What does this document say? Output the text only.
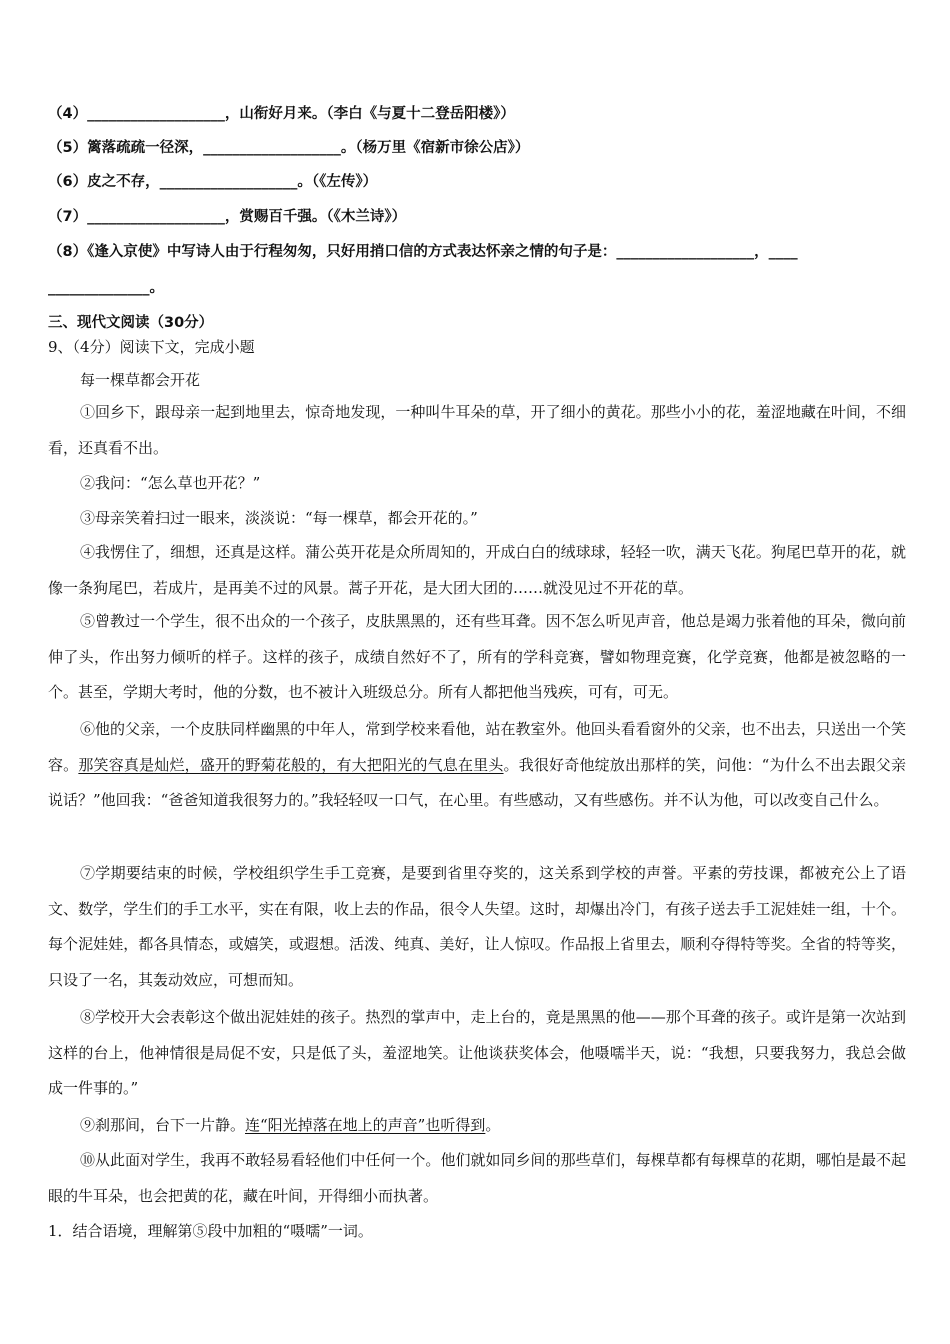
（4）___________________，山衔好月来。（李白《与夏十二登岳阳楼》）
（5）篱落疏疏一径深，___________________。（杨万里《宿新市徐公店》）
（6）皮之不存，___________________。（《左传》）
（7）___________________，赏赐百千强。（《木兰诗》）
（8）《逢入京使》中写诗人由于行程匆匆，只好用捎口信的方式表达怀亲之情的句子是：___________________，____
______________。
三、现代文阅读（30分）
9、（4分）阅读下文，完成小题
每一棵草都会开花
①回乡下，跟母亲一起到地里去，惊奇地发现，一种叫牛耳朵的草，开了细小的黄花。那些小小的花，羞涩地藏在叶间，不细看，还真看不出。
②我问：“怎么草也开花？”
③母亲笑着扫过一眼来，淡淡说：“每一棵草，都会开花的。”
④我愣住了，细想，还真是这样。蒲公英开花是众所周知的，开成白白的绒球球，轻轻一吹，满天飞花。狗尾巴草开的花，就像一条狗尾巴，若成片，是再美不过的风景。蒿子开花，是大团大团的……就没见过不开花的草。
⑤曾教过一个学生，很不出众的一个孩子，皮肤黑黑的，还有些耳聋。因不怎么听见声音，他总是竭力张着他的耳朵，微向前伸了头，作出努力倾听的样子。这样的孩子，成绩自然好不了，所有的学科竞赛，譬如物理竞赛，化学竞赛，他都是被忽略的一个。甚至，学期大考时，他的分数，也不被计入班级总分。所有人都把他当残疾，可有，可无。
⑥他的父亲，一个皮肤同样幽黑的中年人，常到学校来看他，站在教室外。他回头看看窗外的父亲，也不出去，只送出一个笑容。那笑容真是灿烂，盛开的野菊花般的，有大把阳光的气息在里头。我很好奇他绽放出那样的笑，问他：“为什么不出去跟父亲说话？”他回我：“爸爸知道我很努力的。”我轻轻叹一口气，在心里。有些感动，又有些感伤。并不认为他，可以改变自己什么。
⑦学期要结束的时候，学校组织学生手工竞赛，是要到省里夺奖的，这关系到学校的声誉。平素的劳技课，都被充公上了语文、数学，学生们的手工水平，实在有限，收上去的作品，很令人失望。这时，却爆出冷门，有孩子送去手工泥娃娃一组，十个。每个泥娃娃，都各具情态，或嬉笑，或遐想。活泼、纯真、美好，让人惊叹。作品报上省里去，顺利夺得特等奖。全省的特等奖，只设了一名，其轰动效应，可想而知。
⑧学校开大会表彰这个做出泥娃娃的孩子。热烈的掌声中，走上台的，竟是黑黑的他——那个耳聋的孩子。或许是第一次站到这样的台上，他神情很是局促不安，只是低了头，羞涩地笑。让他谈获奖体会，他嗫嚅半天，说：“我想，只要我努力，我总会做成一件事的。”
⑨刹那间，台下一片静。连“阳光掉落在地上的声音”也听得到。
⑩从此面对学生，我再不敢轻易看轻他们中任何一个。他们就如同乡间的那些草们，每棵草都有每棵草的花期，哪怕是最不起眼的牛耳朵，也会把黄的花，藏在叶间，开得细小而执著。
1．结合语境，理解第⑤段中加粗的“嗫嚅”一词。
